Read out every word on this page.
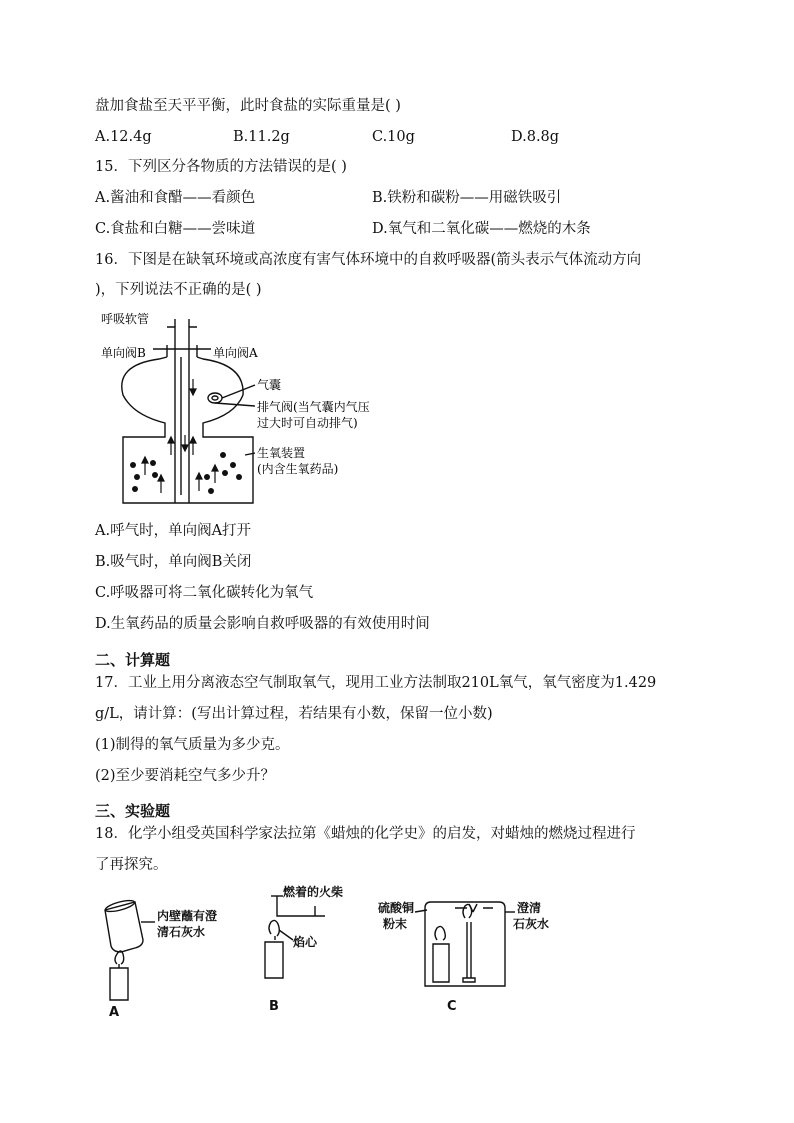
盘加食盐至天平平衡，此时食盐的实际重量是( )
A.12.4g	B.11.2g	C.10g	D.8.8g
15．下列区分各物质的方法错误的是( )
A.酱油和食醋——看颜色	B.铁粉和碳粉——用磁铁吸引
C.食盐和白糖——尝味道	D.氧气和二氧化碳——燃烧的木条
16．下图是在缺氧环境或高浓度有害气体环境中的自救呼吸器(箭头表示气体流动方向
)，下列说法不正确的是( )
呼吸软管
单向阀B	单向阀A
气囊
排气阀(当气囊内气压
过大时可自动排气)
生氧装置
(内含生氧药品)
A.呼气时，单向阀A打开
B.吸气时，单向阀B关闭
C.呼吸器可将二氧化碳转化为氧气
D.生氧药品的质量会影响自救呼吸器的有效使用时间
二、计算题
17．工业上用分离液态空气制取氧气，现用工业方法制取210L氧气，氧气密度为1.429
g/L，请计算：(写出计算过程，若结果有小数，保留一位小数)
(1)制得的氧气质量为多少克。
(2)至少要消耗空气多少升？
三、实验题
18．化学小组受英国科学家法拉第《蜡烛的化学史》的启发，对蜡烛的燃烧过程进行
了再探究。
内壁蘸有澄
清石灰水
燃着的火柴
焰心
硫酸铜
粉末
澄清
石灰水
A	B	C
